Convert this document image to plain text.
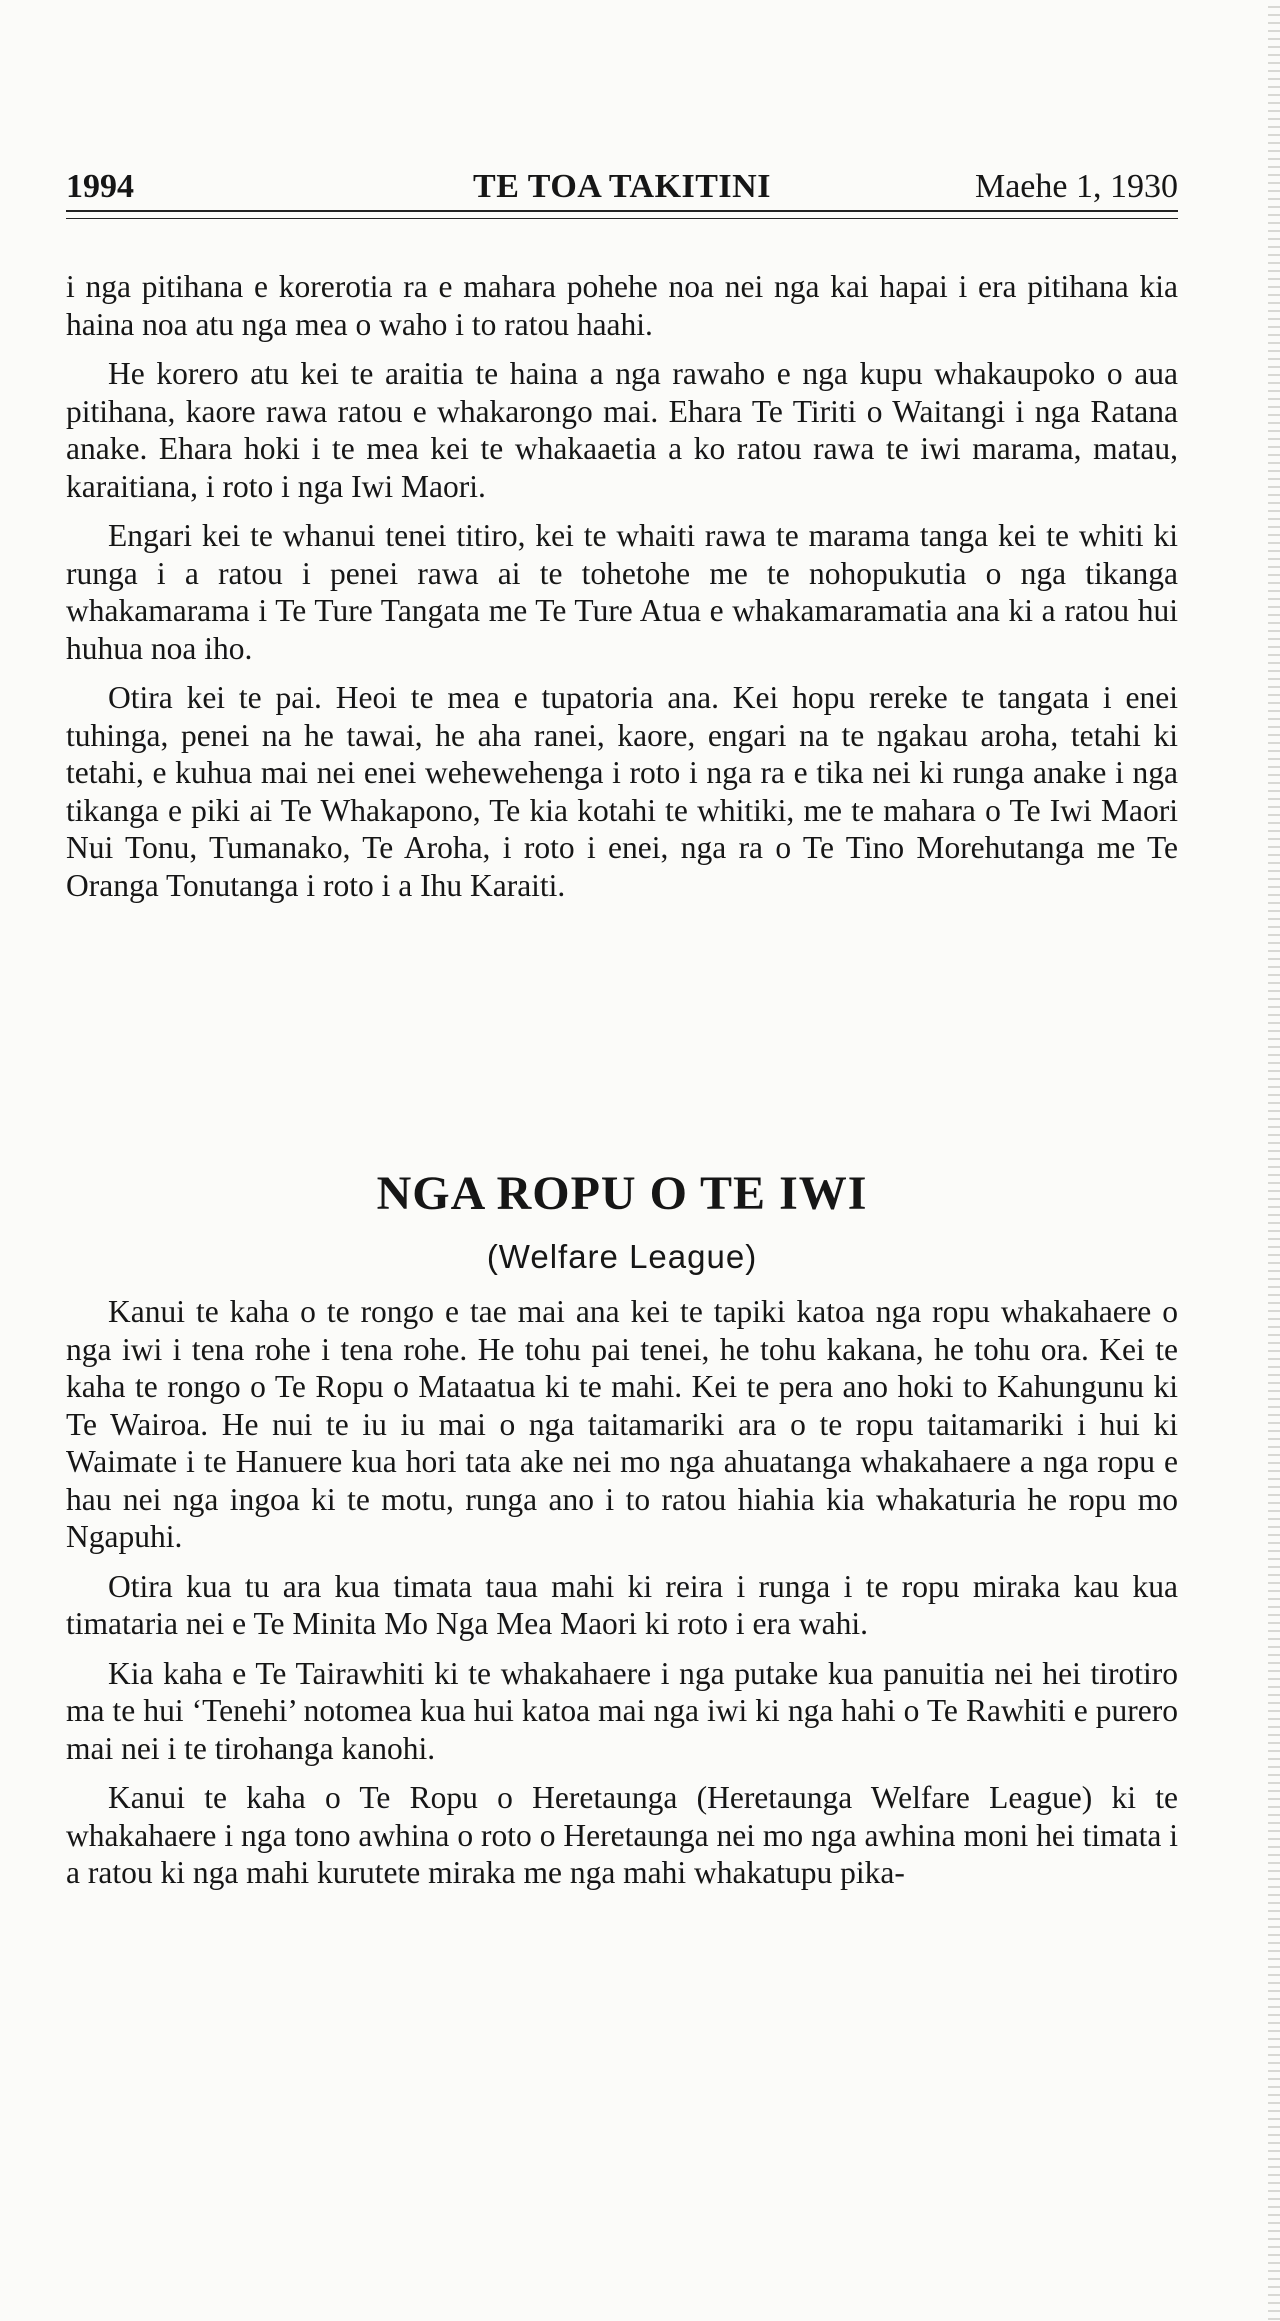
1994	TE TOA TAKITINI	Maehe 1, 1930

i nga pitihana e korerotia ra e mahara pohehe noa nei nga kai hapai i era pitihana kia haina noa atu nga mea o waho i to ratou haahi.

He korero atu kei te araitia te haina a nga rawaho e nga kupu whakaupoko o aua pitihana, kaore rawa ratou e whakarongo mai. Ehara Te Tiriti o Waitangi i nga Ratana anake. Ehara hoki i te mea kei te whakaaetia a ko ratou rawa te iwi marama, matau, karaitiana, i roto i nga Iwi Maori.

Engari kei te whanui tenei titiro, kei te whaiti rawa te marama tanga kei te whiti ki runga i a ratou i penei rawa ai te tohetohe me te nohopukutia o nga tikanga whakamarama i Te Ture Tangata me Te Ture Atua e whakamaramatia ana ki a ratou hui huhua noa iho.

Otira kei te pai. Heoi te mea e tupatoria ana. Kei hopu rereke te tangata i enei tuhinga, penei na he tawai, he aha ranei, kaore, engari na te ngakau aroha, tetahi ki tetahi, e kuhua mai nei enei wehewehenga i roto i nga ra e tika nei ki runga anake i nga tikanga e piki ai Te Whakapono, Te kia kotahi te whitiki, me te mahara o Te Iwi Maori Nui Tonu, Tumanako, Te Aroha, i roto i enei, nga ra o Te Tino Morehutanga me Te Oranga Tonutanga i roto i a Ihu Karaiti.

NGA ROPU O TE IWI
(Welfare League)

Kanui te kaha o te rongo e tae mai ana kei te tapiki katoa nga ropu whakahaere o nga iwi i tena rohe i tena rohe. He tohu pai tenei, he tohu kakana, he tohu ora. Kei te kaha te rongo o Te Ropu o Mataatua ki te mahi. Kei te pera ano hoki to Kahungunu ki Te Wairoa. He nui te iu iu mai o nga taitamariki ara o te ropu taitamariki i hui ki Waimate i te Hanuere kua hori tata ake nei mo nga ahuatanga whakahaere a nga ropu e hau nei nga ingoa ki te motu, runga ano i to ratou hiahia kia whakaturia he ropu mo Ngapuhi.

Otira kua tu ara kua timata taua mahi ki reira i runga i te ropu miraka kau kua timataria nei e Te Minita Mo Nga Mea Maori ki roto i era wahi.

Kia kaha e Te Tairawhiti ki te whakahaere i nga putake kua panuitia nei hei tirotiro ma te hui ‘Tenehi’ notomea kua hui katoa mai nga iwi ki nga hahi o Te Rawhiti e purero mai nei i te tirohanga kanohi.

Kanui te kaha o Te Ropu o Heretaunga (Heretaunga Welfare League) ki te whakahaere i nga tono awhina o roto o Heretaunga nei mo nga awhina moni hei timata i a ratou ki nga mahi kurutete miraka me nga mahi whakatupu pika-
